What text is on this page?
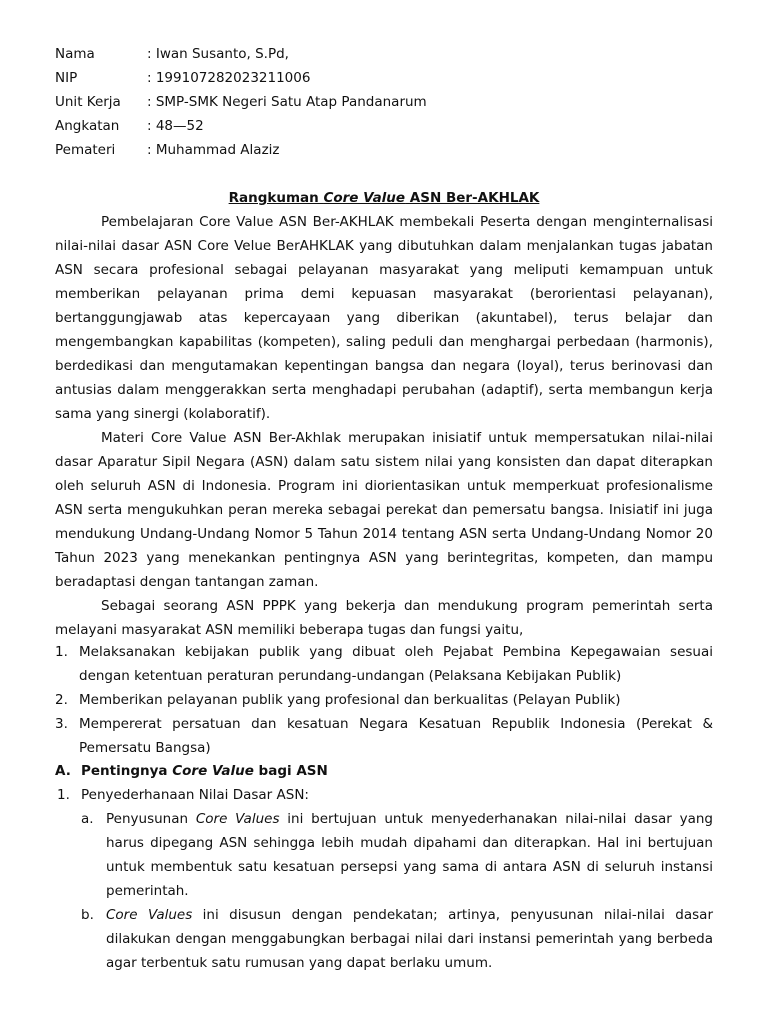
Nama	: Iwan Susanto, S.Pd,
NIP	: 199107282023211006
Unit Kerja : SMP-SMK Negeri Satu Atap Pandanarum
Angkatan : 48—52
Pemateri : Muhammad Alaziz
Rangkuman Core Value ASN Ber-AKHLAK

Pembelajaran Core Value ASN Ber-AKHLAK membekali Peserta dengan menginternalisasi nilai-nilai dasar ASN Core Velue BerAHKLAK yang dibutuhkan dalam menjalankan tugas jabatan ASN secara profesional sebagai pelayanan masyarakat yang meliputi kemampuan untuk memberikan pelayanan prima demi kepuasan masyarakat (berorientasi pelayanan), bertanggungjawab atas kepercayaan yang diberikan (akuntabel), terus belajar dan mengembangkan kapabilitas (kompeten), saling peduli dan menghargai perbedaan (harmonis), berdedikasi dan mengutamakan kepentingan bangsa dan negara (loyal), terus berinovasi dan antusias dalam menggerakkan serta menghadapi perubahan (adaptif), serta membangun kerja sama yang sinergi (kolaboratif).

Materi Core Value ASN Ber-Akhlak merupakan inisiatif untuk mempersatukan nilai-nilai dasar Aparatur Sipil Negara (ASN) dalam satu sistem nilai yang konsisten dan dapat diterapkan oleh seluruh ASN di Indonesia. Program ini diorientasikan untuk memperkuat profesionalisme ASN serta mengukuhkan peran mereka sebagai perekat dan pemersatu bangsa. Inisiatif ini juga mendukung Undang-Undang Nomor 5 Tahun 2014 tentang ASN serta Undang-Undang Nomor 20 Tahun 2023 yang menekankan pentingnya ASN yang berintegritas, kompeten, dan mampu beradaptasi dengan tantangan zaman.

Sebagai seorang ASN PPPK yang bekerja dan mendukung program pemerintah serta melayani masyarakat ASN memiliki beberapa tugas dan fungsi yaitu,

1. Melaksanakan kebijakan publik yang dibuat oleh Pejabat Pembina Kepegawaian sesuai dengan ketentuan peraturan perundang-undangan (Pelaksana Kebijakan Publik)

2. Memberikan pelayanan publik yang profesional dan berkualitas (Pelayan Publik)

3. Mempererat persatuan dan kesatuan Negara Kesatuan Republik Indonesia (Perekat & Pemersatu Bangsa)

A. Pentingnya Core Value bagi ASN
1. Penyederhanaan Nilai Dasar ASN:

a. Penyusunan Core Values ini bertujuan untuk menyederhanakan nilai-nilai dasar yang harus dipegang ASN sehingga lebih mudah dipahami dan diterapkan. Hal ini bertujuan untuk membentuk satu kesatuan persepsi yang sama di antara ASN di seluruh instansi pemerintah.

b. Core Values ini disusun dengan pendekatan; artinya, penyusunan nilai-nilai dasar dilakukan dengan menggabungkan berbagai nilai dari instansi pemerintah yang berbeda agar terbentuk satu rumusan yang dapat berlaku umum.
